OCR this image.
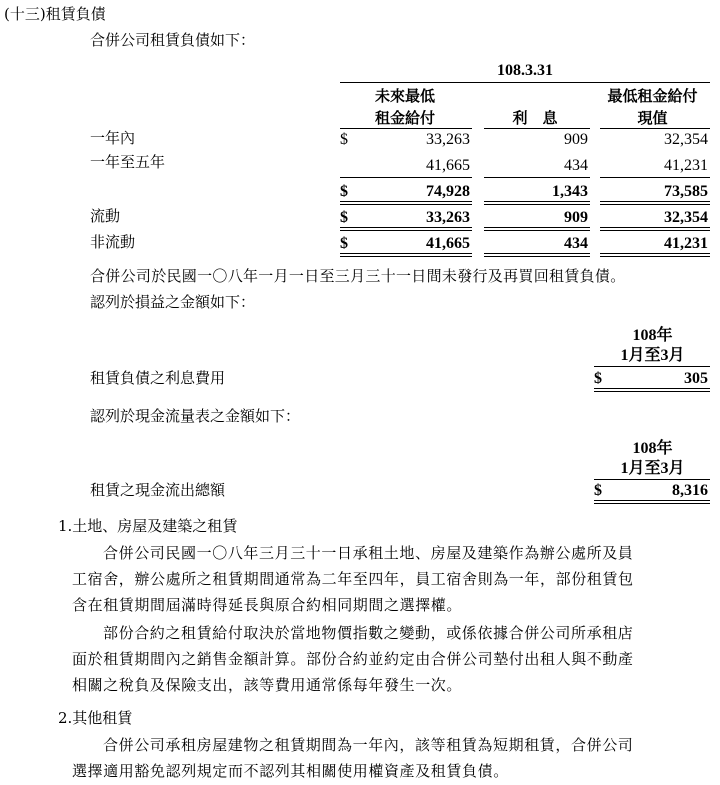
(十三)租賃負債
合併公司租賃負債如下：
108.3.31
未來最低
租金給付	利　息
最低租金給付
現值
一年內	$	33,263	909	32,354
一年至五年	41,665	434	41,231
$	74,928	1,343	73,585
流動	$	33,263	909	32,354
非流動	$	41,665	434	41,231
合併公司於民國一〇八年一月一日至三月三十一日間未發行及再買回租賃負債。
認列於損益之金額如下：
108年
1月至3月
租賃負債之利息費用	$	305
認列於現金流量表之金額如下：
108年
1月至3月
租賃之現金流出總額	$	8,316
1.土地、房屋及建築之租賃
合併公司民國一〇八年三月三十一日承租土地、房屋及建築作為辦公處所及員
工宿舍，辦公處所之租賃期間通常為二年至四年，員工宿舍則為一年，部份租賃包
含在租賃期間屆滿時得延長與原合約相同期間之選擇權。
部份合約之租賃給付取決於當地物價指數之變動，或係依據合併公司所承租店
面於租賃期間內之銷售金額計算。部份合約並約定由合併公司墊付出租人與不動產
相關之稅負及保險支出，該等費用通常係每年發生一次。
2.其他租賃
合併公司承租房屋建物之租賃期間為一年內，該等租賃為短期租賃，合併公司
選擇適用豁免認列規定而不認列其相關使用權資產及租賃負債。
